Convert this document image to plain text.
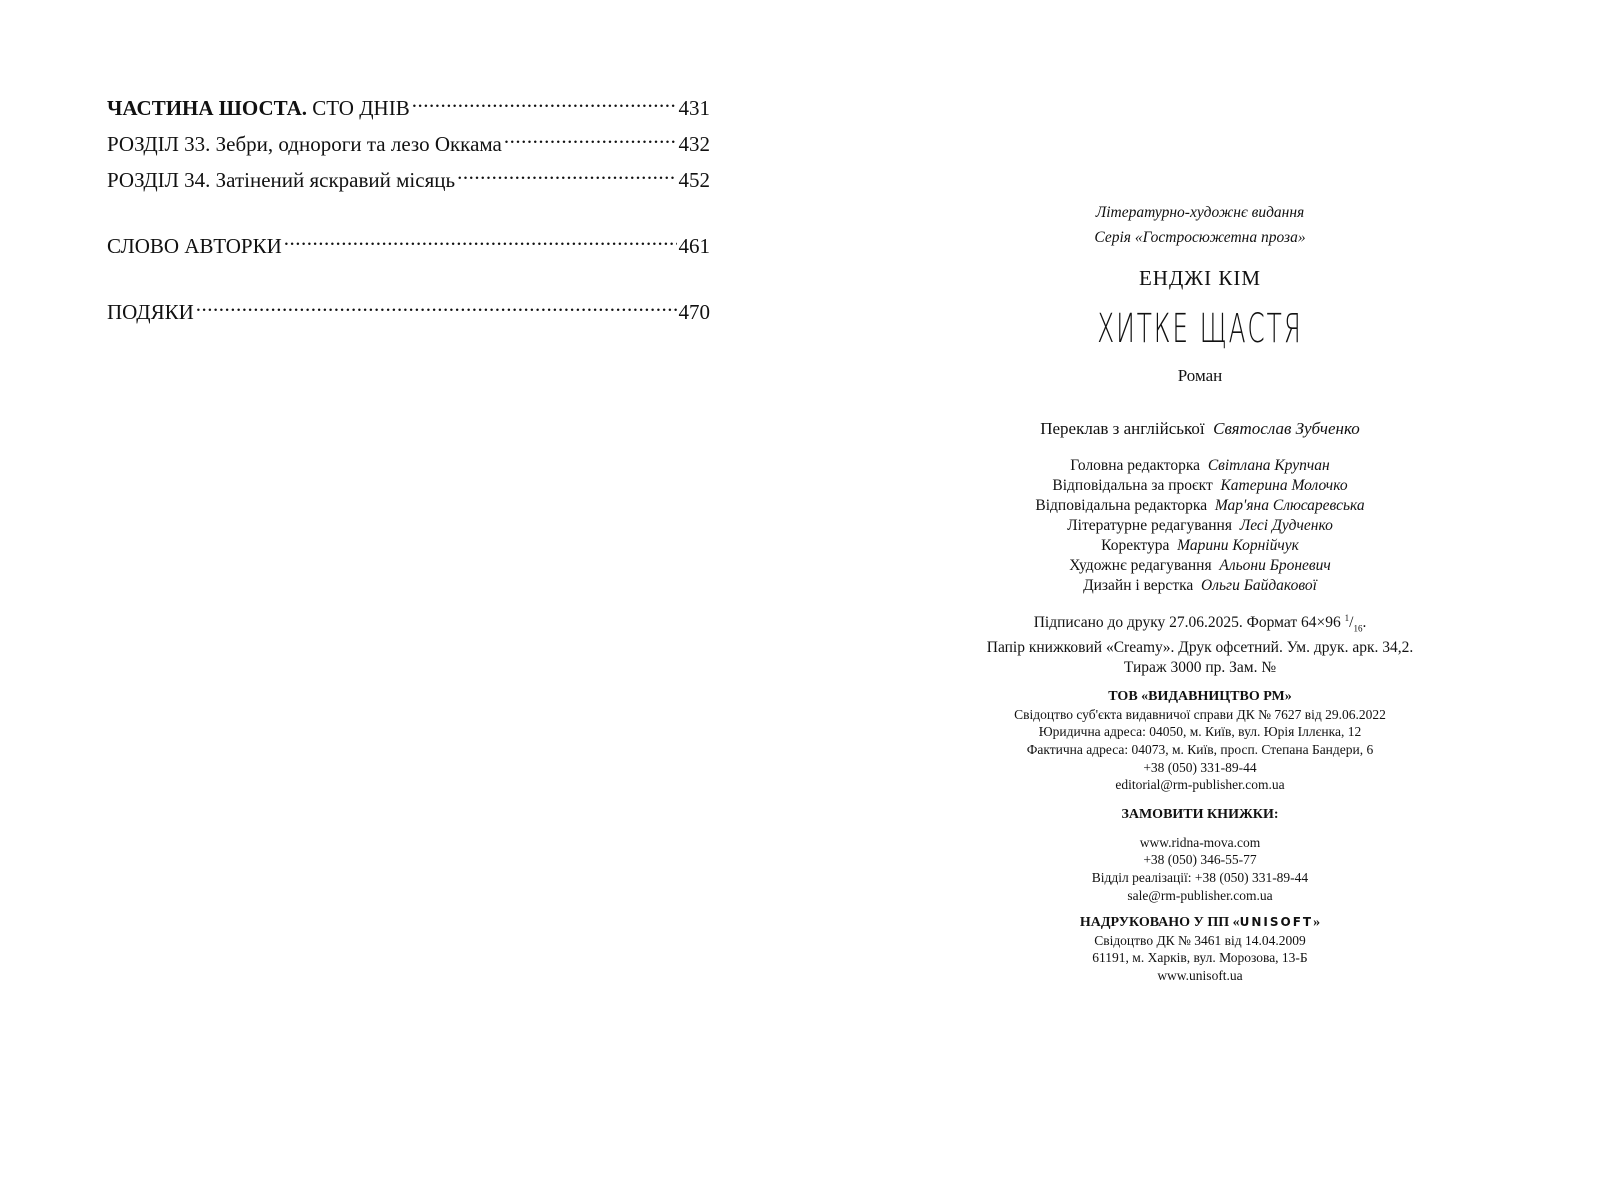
ЧАСТИНА ШОСТА. СТО ДНІВ .....	431
РОЗДІЛ 33. Зебри, однороги та лезо Оккама .....	432
РОЗДІЛ 34. Затінений яскравий місяць .....	452
СЛОВО АВТОРКИ .....	461
ПОДЯКИ .....	470
Літературно-художнє видання
Серія «Гостросюжетна проза»
ЕНДЖІ КІМ
ХИТКЕ ЩАСТЯ
Роман
Переклав з англійської Святослав Зубченко
Головна редакторка Світлана Крупчан
Відповідальна за проєкт Катерина Молочко
Відповідальна редакторка Мар'яна Слюсаревська
Літературне редагування Лесі Дудченко
Коректура Марини Корнійчук
Художнє редагування Альони Броневич
Дизайн і верстка Ольги Байдакової
Підписано до друку 27.06.2025. Формат 64×96 $^1/_{16}$.
Папір книжковий «Creamy». Друк офсетний. Ум. друк. арк. 34,2.
Тираж 3000 пр. Зам. №
ТОВ «ВИДАВНИЦТВО РМ»
Свідоцтво суб'єкта видавничої справи ДК № 7627 від 29.06.2022
Юридична адреса: 04050, м. Київ, вул. Юрія Іллєнка, 12
Фактична адреса: 04073, м. Київ, просп. Степана Бандери, 6
+38 (050) 331-89-44
editorial@rm-publisher.com.ua
ЗАМОВИТИ КНИЖКИ:
www.ridna-mova.com
+38 (050) 346-55-77
Відділ реалізації: +38 (050) 331-89-44
sale@rm-publisher.com.ua
НАДРУКОВАНО У ПП «UNISOFT»
Свідоцтво ДК № 3461 від 14.04.2009
61191, м. Харків, вул. Морозова, 13-Б
www.unisoft.ua
